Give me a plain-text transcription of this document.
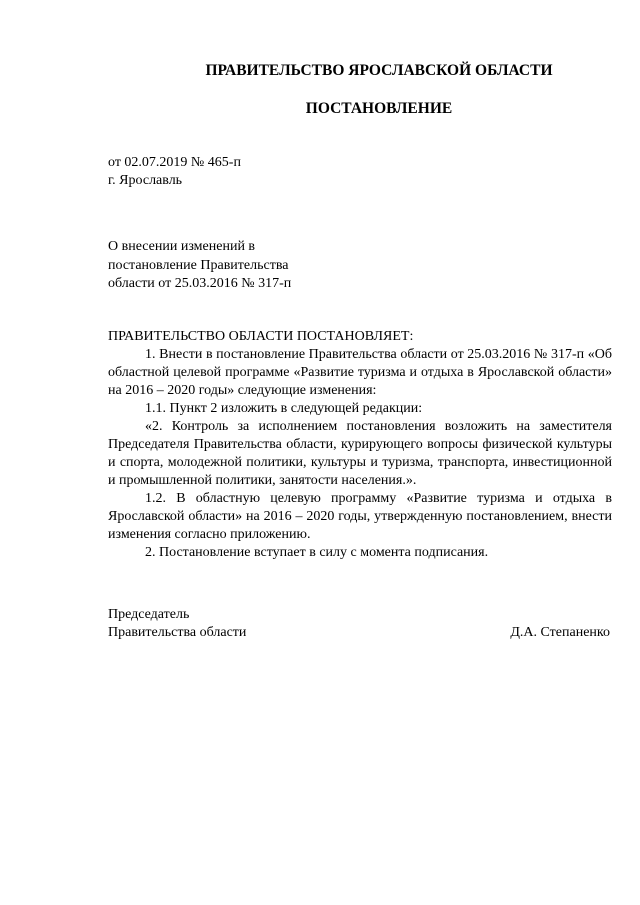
ПРАВИТЕЛЬСТВО ЯРОСЛАВСКОЙ ОБЛАСТИ
ПОСТАНОВЛЕНИЕ
от 02.07.2019 № 465-п
г. Ярославль
О внесении изменений в
постановление Правительства
области от 25.03.2016 № 317-п

ПРАВИТЕЛЬСТВО ОБЛАСТИ ПОСТАНОВЛЯЕТ:

1. Внести в постановление Правительства области от 25.03.2016 № 317-п «Об областной целевой программе «Развитие туризма и отдыха в Ярославской области» на 2016 – 2020 годы» следующие изменения:

1.1. Пункт 2 изложить в следующей редакции:

«2. Контроль за исполнением постановления возложить на заместителя Председателя Правительства области, курирующего вопросы физической культуры и спорта, молодежной политики, культуры и туризма, транспорта, инвестиционной и промышленной политики, занятости населения.».

1.2. В областную целевую программу «Развитие туризма и отдыха в Ярославской области» на 2016 – 2020 годы, утвержденную постановлением, внести изменения согласно приложению.

2. Постановление вступает в силу с момента подписания.

Председатель
Правительства области	Д.А. Степаненко
